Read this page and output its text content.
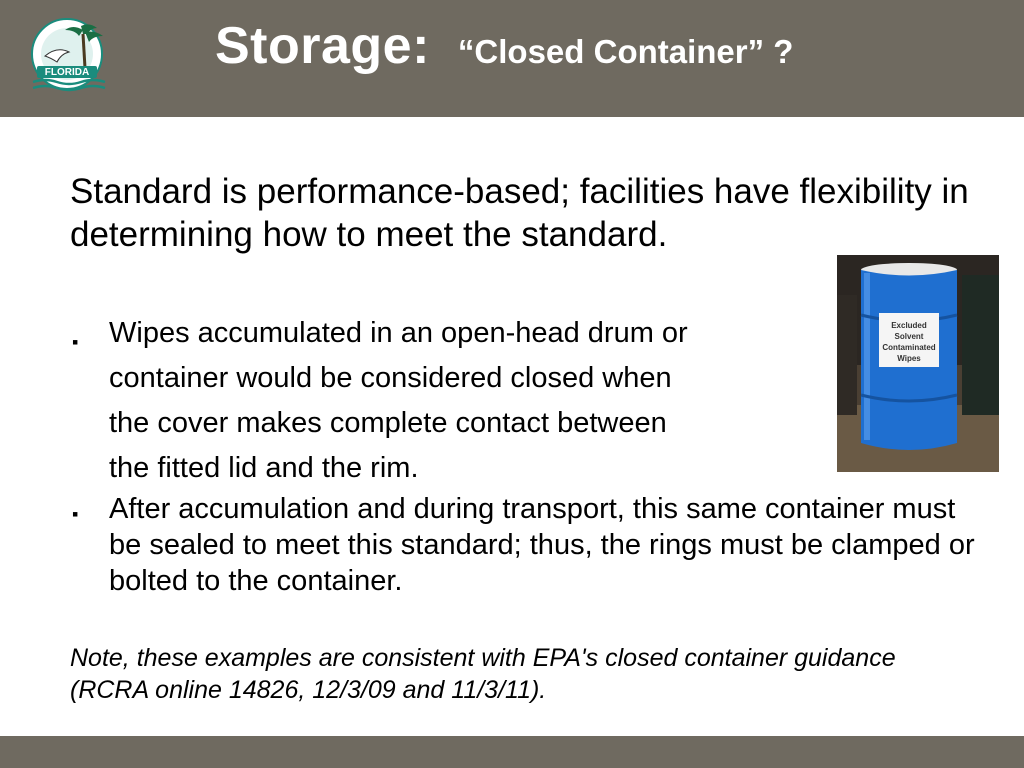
FLORIDA Storage: “Closed Container” ?

Standard is performance-based; facilities have flexibility in determining how to meet the standard.

▪ Wipes accumulated in an open-head drum or
container would be considered closed when
the cover makes complete contact between
the fitted lid and the rim.
▪ After accumulation and during transport, this same container must be sealed to meet this standard; thus, the rings must be clamped or bolted to the container.

Note, these examples are consistent with EPA's closed container guidance (RCRA online 14826, 12/3/09 and 11/3/11).

Excluded
Solvent
Contaminated
Wipes
